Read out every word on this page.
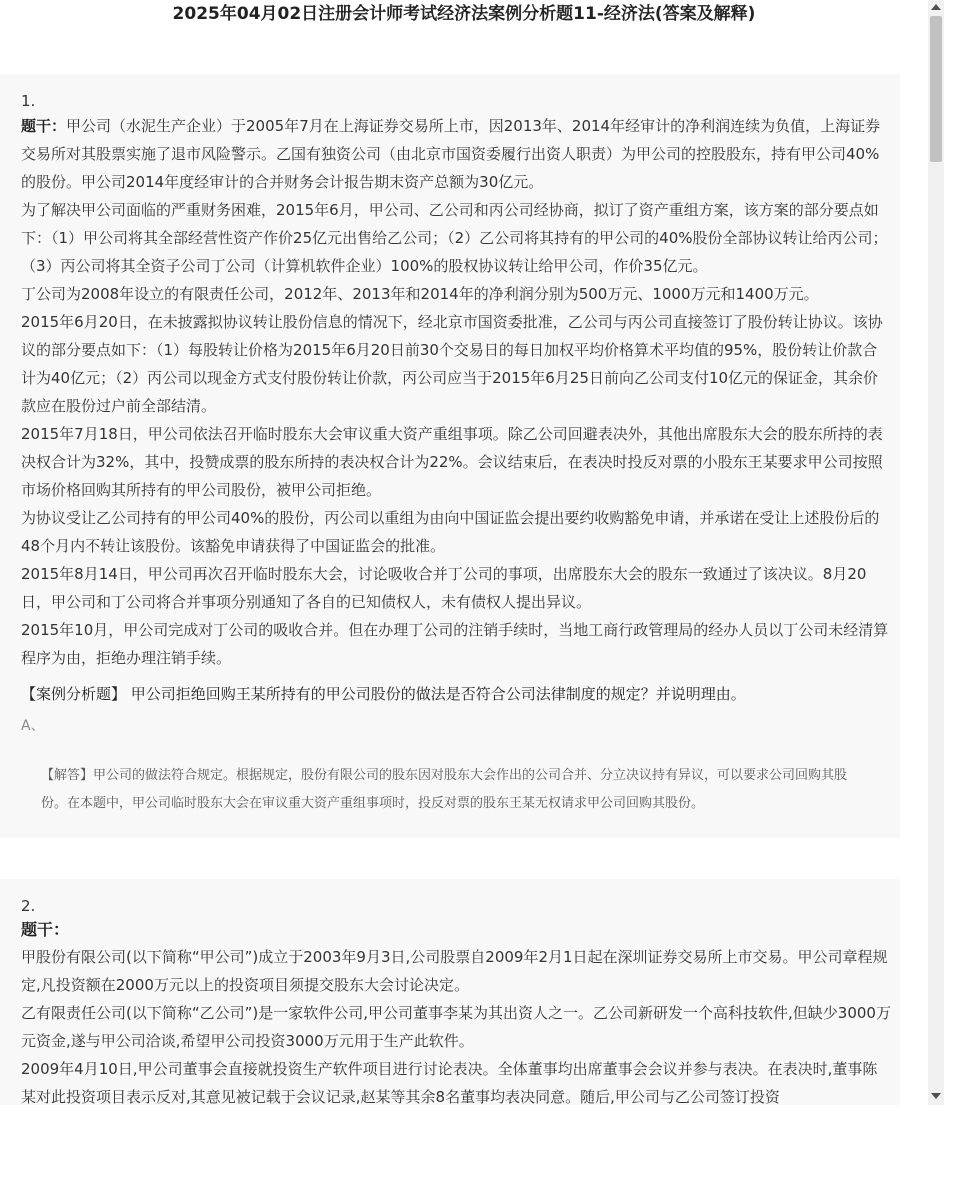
2025年04月02日注册会计师考试经济法案例分析题11-经济法(答案及解释)
1.

题干：甲公司（水泥生产企业）于2005年7月在上海证券交易所上市，因2013年、2014年经审计的净利润连续为负值，上海证券交易所对其股票实施了退市风险警示。乙国有独资公司（由北京市国资委履行出资人职责）为甲公司的控股股东，持有甲公司40%的股份。甲公司2014年度经审计的合并财务会计报告期末资产总额为30亿元。

为了解决甲公司面临的严重财务困难，2015年6月，甲公司、乙公司和丙公司经协商，拟订了资产重组方案，该方案的部分要点如下：（1）甲公司将其全部经营性资产作价25亿元出售给乙公司；（2）乙公司将其持有的甲公司的40%股份全部协议转让给丙公司；（3）丙公司将其全资子公司丁公司（计算机软件企业）100%的股权协议转让给甲公司，作价35亿元。

丁公司为2008年设立的有限责任公司，2012年、2013年和2014年的净利润分别为500万元、1000万元和1400万元。

2015年6月20日，在未披露拟协议转让股份信息的情况下，经北京市国资委批准，乙公司与丙公司直接签订了股份转让协议。该协议的部分要点如下：（1）每股转让价格为2015年6月20日前30个交易日的每日加权平均价格算术平均值的95%，股份转让价款合计为40亿元；（2）丙公司以现金方式支付股份转让价款，丙公司应当于2015年6月25日前向乙公司支付10亿元的保证金，其余价款应在股份过户前全部结清。

2015年7月18日，甲公司依法召开临时股东大会审议重大资产重组事项。除乙公司回避表决外，其他出席股东大会的股东所持的表决权合计为32%，其中，投赞成票的股东所持的表决权合计为22%。会议结束后，在表决时投反对票的小股东王某要求甲公司按照市场价格回购其所持有的甲公司股份，被甲公司拒绝。

为协议受让乙公司持有的甲公司40%的股份，丙公司以重组为由向中国证监会提出要约收购豁免申请，并承诺在受让上述股份后的48个月内不转让该股份。该豁免申请获得了中国证监会的批准。

2015年8月14日，甲公司再次召开临时股东大会，讨论吸收合并丁公司的事项，出席股东大会的股东一致通过了该决议。8月20日，甲公司和丁公司将合并事项分别通知了各自的已知债权人，未有债权人提出异议。

2015年10月，甲公司完成对丁公司的吸收合并。但在办理丁公司的注销手续时，当地工商行政管理局的经办人员以丁公司未经清算程序为由，拒绝办理注销手续。

【案例分析题】 甲公司拒绝回购王某所持有的甲公司股份的做法是否符合公司法律制度的规定？并说明理由。

A、
【解答】甲公司的做法符合规定。根据规定，股份有限公司的股东因对股东大会作出的公司合并、分立决议持有异议，可以要求公司回购其股份。在本题中，甲公司临时股东大会在审议重大资产重组事项时，投反对票的股东王某无权请求甲公司回购其股份。
2.
题干：

甲股份有限公司(以下简称“甲公司”)成立于2003年9月3日,公司股票自2009年2月1日起在深圳证券交易所上市交易。甲公司章程规定,凡投资额在2000万元以上的投资项目须提交股东大会讨论决定。

乙有限责任公司(以下简称“乙公司”)是一家软件公司,甲公司董事李某为其出资人之一。乙公司新研发一个高科技软件,但缺少3000万元资金,遂与甲公司洽谈,希望甲公司投资3000万元用于生产此软件。

2009年4月10日,甲公司董事会直接就投资生产软件项目进行讨论表决。全体董事均出席董事会会议并参与表决。在表决时,董事陈某对此投资项目表示反对,其意见被记载于会议记录,赵某等其余8名董事均表决同意。随后,甲公司与乙公司签订投资
